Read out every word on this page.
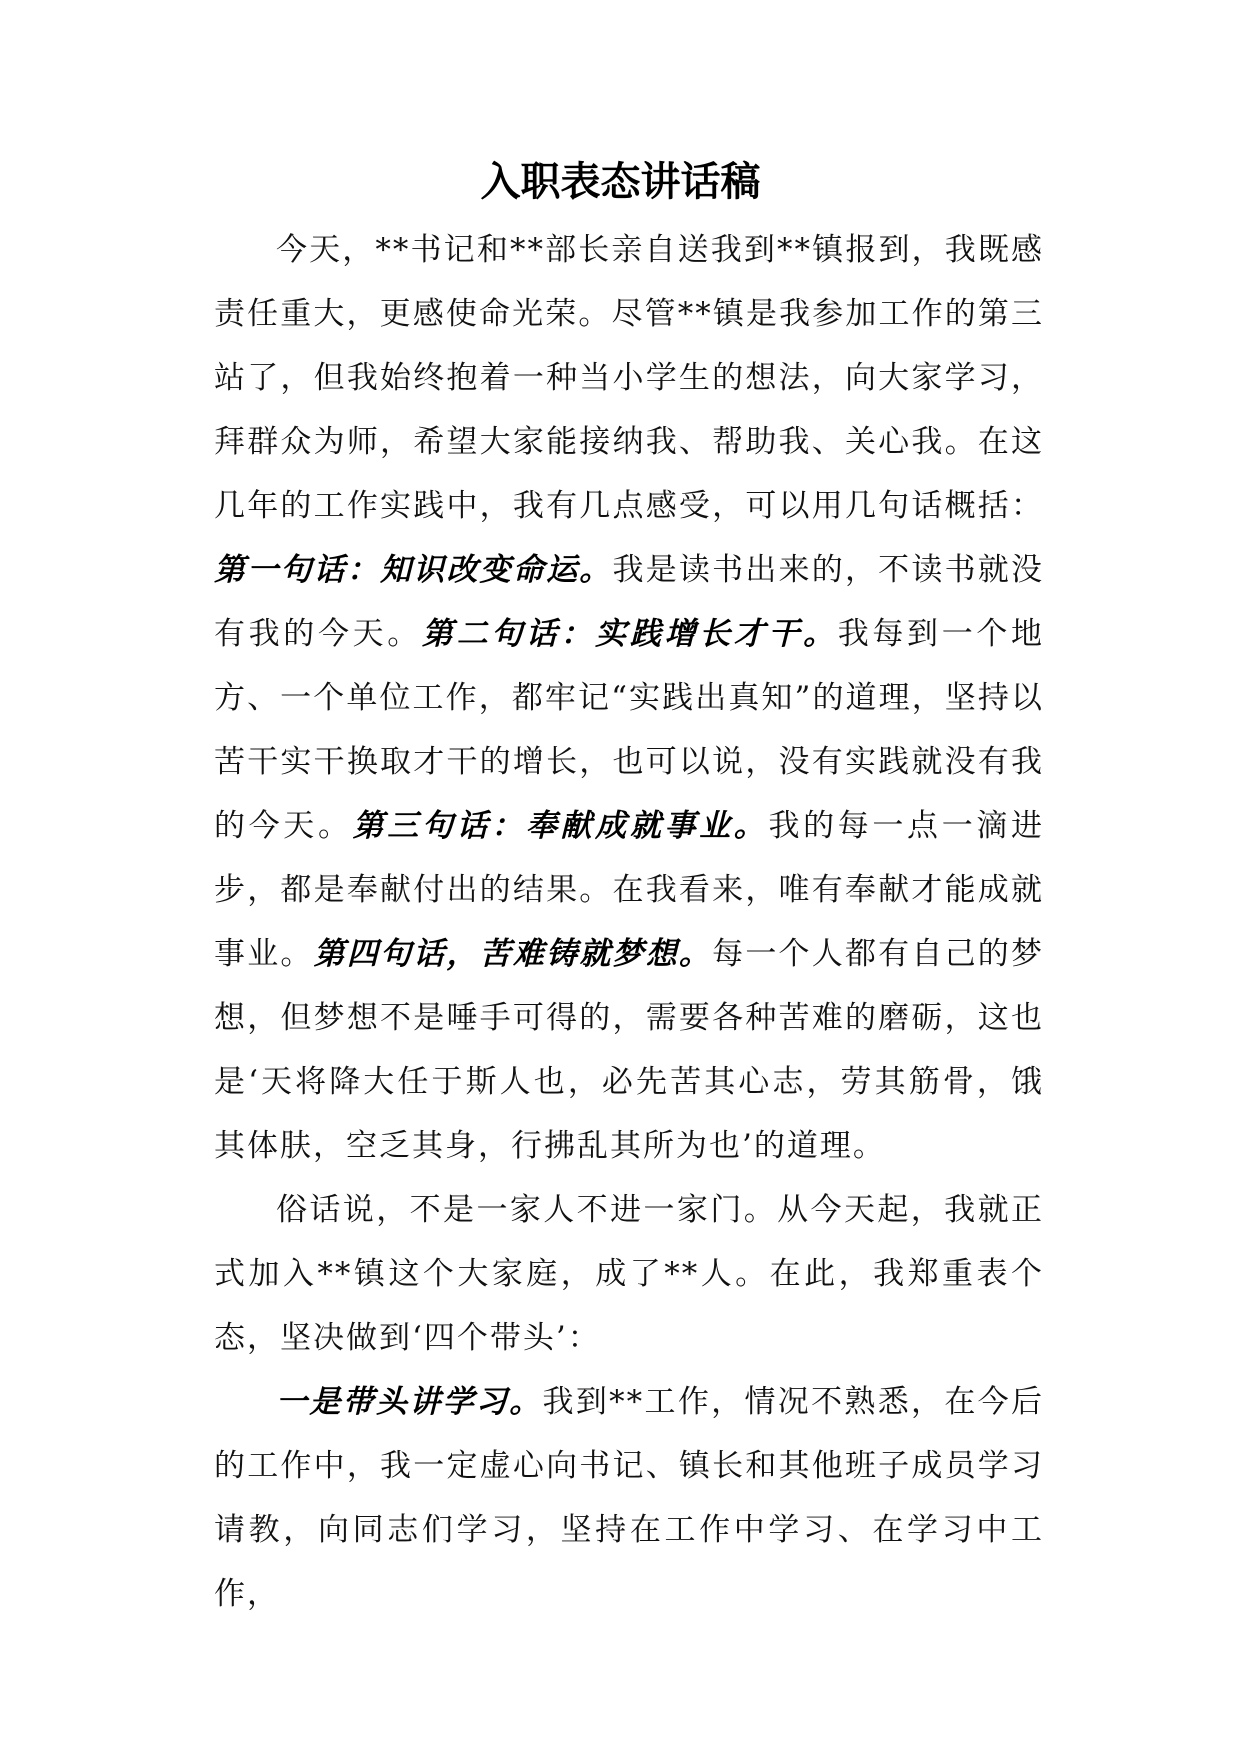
入职表态讲话稿

今天，**书记和**部长亲自送我到**镇报到，我既感责任重大，更感使命光荣。尽管**镇是我参加工作的第三站了，但我始终抱着一种当小学生的想法，向大家学习，拜群众为师，希望大家能接纳我、帮助我、关心我。在这几年的工作实践中，我有几点感受，可以用几句话概括：第一句话：知识改变命运。我是读书出来的，不读书就没有我的今天。第二句话：实践增长才干。我每到一个地方、一个单位工作，都牢记“实践出真知”的道理，坚持以苦干实干换取才干的增长，也可以说，没有实践就没有我的今天。第三句话：奉献成就事业。我的每一点一滴进步，都是奉献付出的结果。在我看来，唯有奉献才能成就事业。第四句话，苦难铸就梦想。每一个人都有自己的梦想，但梦想不是唾手可得的，需要各种苦难的磨砺，这也是‘天将降大任于斯人也，必先苦其心志，劳其筋骨，饿其体肤，空乏其身，行拂乱其所为也’的道理。

俗话说，不是一家人不进一家门。从今天起，我就正式加入**镇这个大家庭，成了**人。在此，我郑重表个态，坚决做到‘四个带头’：

一是带头讲学习。我到**工作，情况不熟悉，在今后的工作中，我一定虚心向书记、镇长和其他班子成员学习请教，向同志们学习，坚持在工作中学习、在学习中工作，
